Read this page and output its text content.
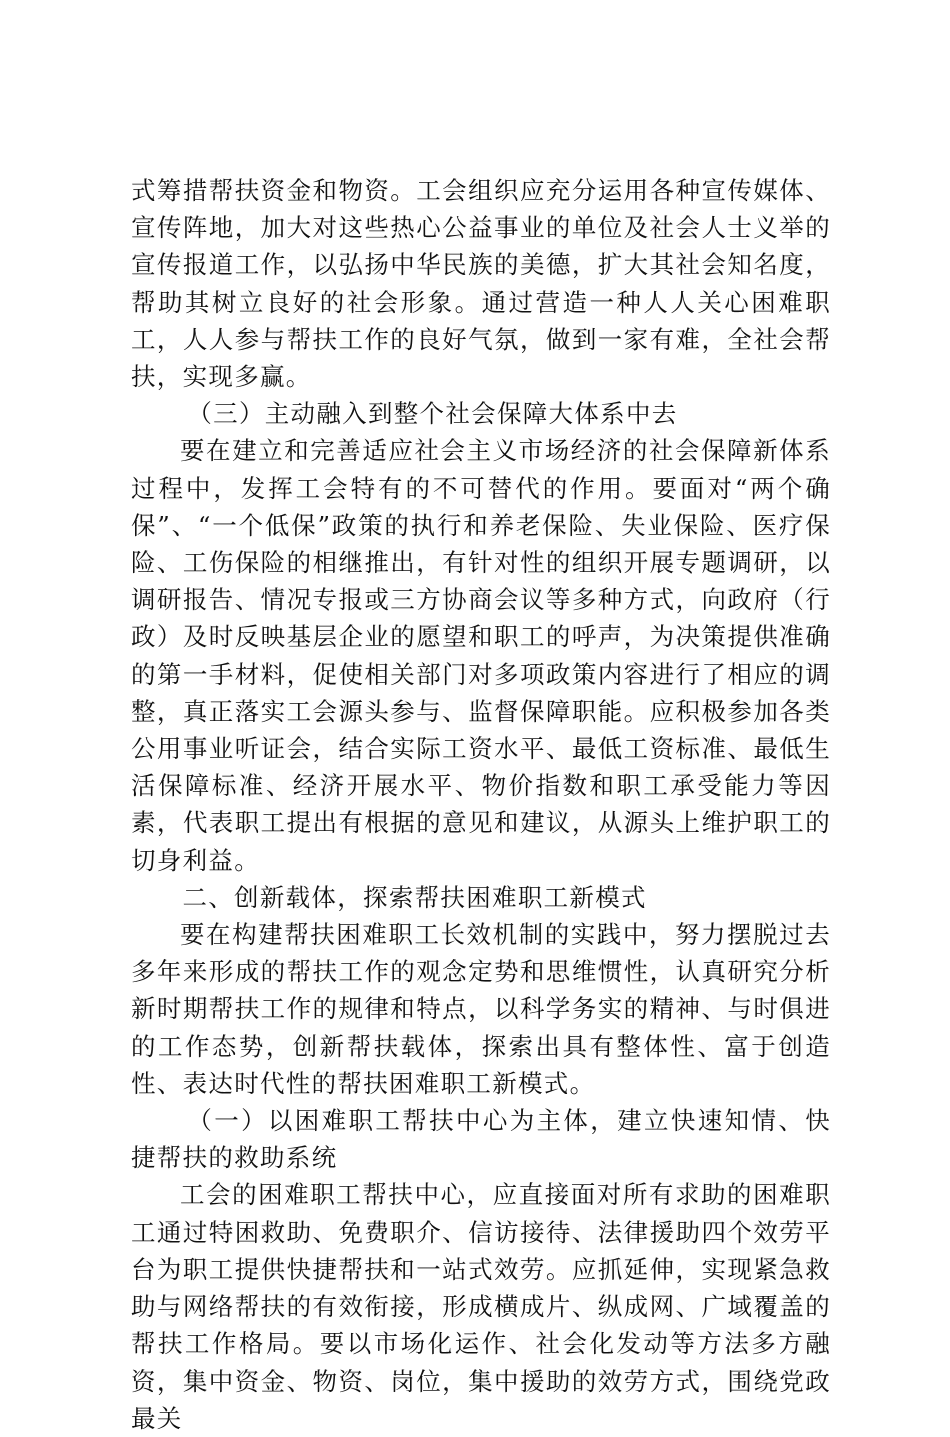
式筹措帮扶资金和物资。工会组织应充分运用各种宣传媒体、宣传阵地，加大对这些热心公益事业的单位及社会人士义举的宣传报道工作，以弘扬中华民族的美德，扩大其社会知名度，帮助其树立良好的社会形象。通过营造一种人人关心困难职工，人人参与帮扶工作的良好气氛，做到一家有难，全社会帮扶，实现多赢。

（三）主动融入到整个社会保障大体系中去

要在建立和完善适应社会主义市场经济的社会保障新体系过程中，发挥工会特有的不可替代的作用。要面对“两个确保”、“一个低保”政策的执行和养老保险、失业保险、医疗保险、工伤保险的相继推出，有针对性的组织开展专题调研，以调研报告、情况专报或三方协商会议等多种方式，向政府（行政）及时反映基层企业的愿望和职工的呼声，为决策提供准确的第一手材料，促使相关部门对多项政策内容进行了相应的调整，真正落实工会源头参与、监督保障职能。应积极参加各类公用事业听证会，结合实际工资水平、最低工资标准、最低生活保障标准、经济开展水平、物价指数和职工承受能力等因素，代表职工提出有根据的意见和建议，从源头上维护职工的切身利益。

二、创新载体，探索帮扶困难职工新模式

要在构建帮扶困难职工长效机制的实践中，努力摆脱过去多年来形成的帮扶工作的观念定势和思维惯性，认真研究分析新时期帮扶工作的规律和特点，以科学务实的精神、与时俱进的工作态势，创新帮扶载体，探索出具有整体性、富于创造性、表达时代性的帮扶困难职工新模式。

（一）以困难职工帮扶中心为主体，建立快速知情、快捷帮扶的救助系统

工会的困难职工帮扶中心，应直接面对所有求助的困难职工通过特困救助、免费职介、信访接待、法律援助四个效劳平台为职工提供快捷帮扶和一站式效劳。应抓延伸，实现紧急救助与网络帮扶的有效衔接，形成横成片、纵成网、广域覆盖的帮扶工作格局。要以市场化运作、社会化发动等方法多方融资，集中资金、物资、岗位，集中援助的效劳方式，围绕党政最关
